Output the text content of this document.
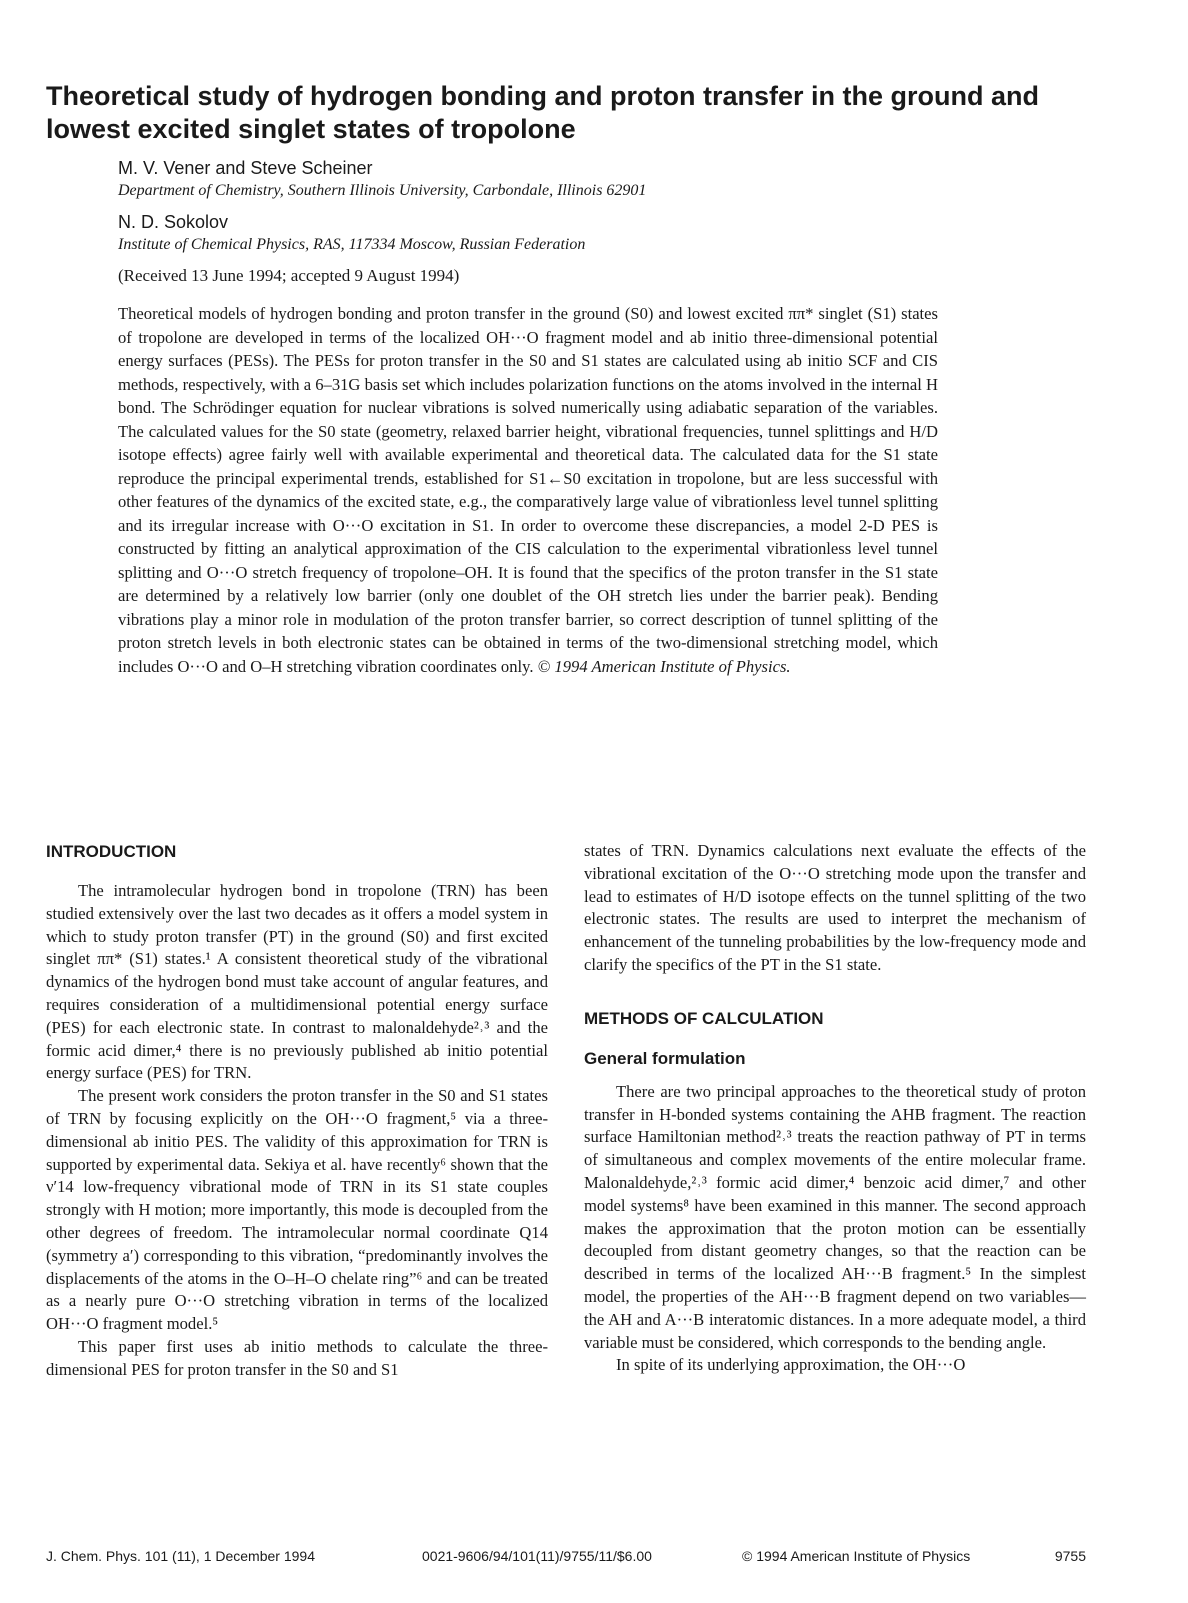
Theoretical study of hydrogen bonding and proton transfer in the ground and lowest excited singlet states of tropolone
M. V. Vener and Steve Scheiner
Department of Chemistry, Southern Illinois University, Carbondale, Illinois 62901
N. D. Sokolov
Institute of Chemical Physics, RAS, 117334 Moscow, Russian Federation
(Received 13 June 1994; accepted 9 August 1994)

Theoretical models of hydrogen bonding and proton transfer in the ground (S0) and lowest excited ππ* singlet (S1) states of tropolone are developed in terms of the localized OH···O fragment model and ab initio three-dimensional potential energy surfaces (PESs). The PESs for proton transfer in the S0 and S1 states are calculated using ab initio SCF and CIS methods, respectively, with a 6–31G basis set which includes polarization functions on the atoms involved in the internal H bond. The Schrödinger equation for nuclear vibrations is solved numerically using adiabatic separation of the variables. The calculated values for the S0 state (geometry, relaxed barrier height, vibrational frequencies, tunnel splittings and H/D isotope effects) agree fairly well with available experimental and theoretical data. The calculated data for the S1 state reproduce the principal experimental trends, established for S1←S0 excitation in tropolone, but are less successful with other features of the dynamics of the excited state, e.g., the comparatively large value of vibrationless level tunnel splitting and its irregular increase with O···O excitation in S1. In order to overcome these discrepancies, a model 2-D PES is constructed by fitting an analytical approximation of the CIS calculation to the experimental vibrationless level tunnel splitting and O···O stretch frequency of tropolone–OH. It is found that the specifics of the proton transfer in the S1 state are determined by a relatively low barrier (only one doublet of the OH stretch lies under the barrier peak). Bending vibrations play a minor role in modulation of the proton transfer barrier, so correct description of tunnel splitting of the proton stretch levels in both electronic states can be obtained in terms of the two-dimensional stretching model, which includes O···O and O–H stretching vibration coordinates only. © 1994 American Institute of Physics.

INTRODUCTION

The intramolecular hydrogen bond in tropolone (TRN) has been studied extensively over the last two decades as it offers a model system in which to study proton transfer (PT) in the ground (S0) and first excited singlet ππ* (S1) states.¹ A consistent theoretical study of the vibrational dynamics of the hydrogen bond must take account of angular features, and requires consideration of a multidimensional potential energy surface (PES) for each electronic state. In contrast to malonaldehyde²˒³ and the formic acid dimer,⁴ there is no previously published ab initio potential energy surface (PES) for TRN.

The present work considers the proton transfer in the S0 and S1 states of TRN by focusing explicitly on the OH···O fragment,⁵ via a three-dimensional ab initio PES. The validity of this approximation for TRN is supported by experimental data. Sekiya et al. have recently⁶ shown that the ν′14 low-frequency vibrational mode of TRN in its S1 state couples strongly with H motion; more importantly, this mode is decoupled from the other degrees of freedom. The intramolecular normal coordinate Q14 (symmetry a′) corresponding to this vibration, “predominantly involves the displacements of the atoms in the O–H–O chelate ring”⁶ and can be treated as a nearly pure O···O stretching vibration in terms of the localized OH···O fragment model.⁵

This paper first uses ab initio methods to calculate the three-dimensional PES for proton transfer in the S0 and S1

states of TRN. Dynamics calculations next evaluate the effects of the vibrational excitation of the O···O stretching mode upon the transfer and lead to estimates of H/D isotope effects on the tunnel splitting of the two electronic states. The results are used to interpret the mechanism of enhancement of the tunneling probabilities by the low-frequency mode and clarify the specifics of the PT in the S1 state.

METHODS OF CALCULATION
General formulation

There are two principal approaches to the theoretical study of proton transfer in H-bonded systems containing the AHB fragment. The reaction surface Hamiltonian method²˒³ treats the reaction pathway of PT in terms of simultaneous and complex movements of the entire molecular frame. Malonaldehyde,²˒³ formic acid dimer,⁴ benzoic acid dimer,⁷ and other model systems⁸ have been examined in this manner. The second approach makes the approximation that the proton motion can be essentially decoupled from distant geometry changes, so that the reaction can be described in terms of the localized AH···B fragment.⁵ In the simplest model, the properties of the AH···B fragment depend on two variables—the AH and A···B interatomic distances. In a more adequate model, a third variable must be considered, which corresponds to the bending angle.

In spite of its underlying approximation, the OH···O

J. Chem. Phys. 101 (11), 1 December 1994	0021-9606/94/101(11)/9755/11/$6.00	© 1994 American Institute of Physics	9755
